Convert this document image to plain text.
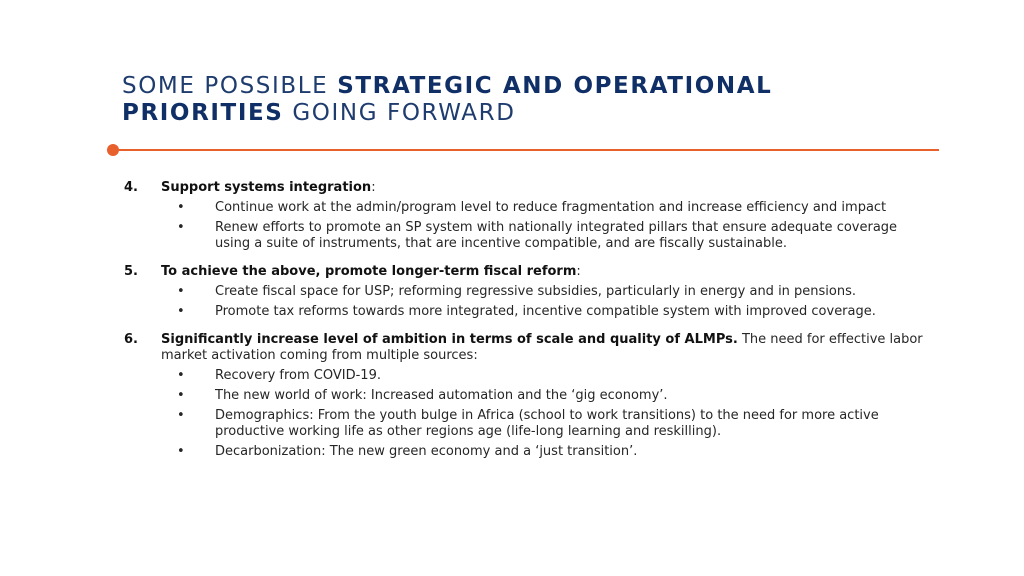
SOME POSSIBLE STRATEGIC AND OPERATIONAL PRIORITIES GOING FORWARD
4. Support systems integration:
• Continue work at the admin/program level to reduce fragmentation and increase efficiency and impact
• Renew efforts to promote an SP system with nationally integrated pillars that ensure adequate coverage using a suite of instruments, that are incentive compatible, and are fiscally sustainable.
5. To achieve the above, promote longer-term fiscal reform:
• Create fiscal space for USP; reforming regressive subsidies, particularly in energy and in pensions.
• Promote tax reforms towards more integrated, incentive compatible system with improved coverage.
6. Significantly increase level of ambition in terms of scale and quality of ALMPs. The need for effective labor market activation coming from multiple sources:
• Recovery from COVID-19.
• The new world of work: Increased automation and the ‘gig economy’.
• Demographics: From the youth bulge in Africa (school to work transitions) to the need for more active productive working life as other regions age (life-long learning and reskilling).
• Decarbonization: The new green economy and a ‘just transition’.
